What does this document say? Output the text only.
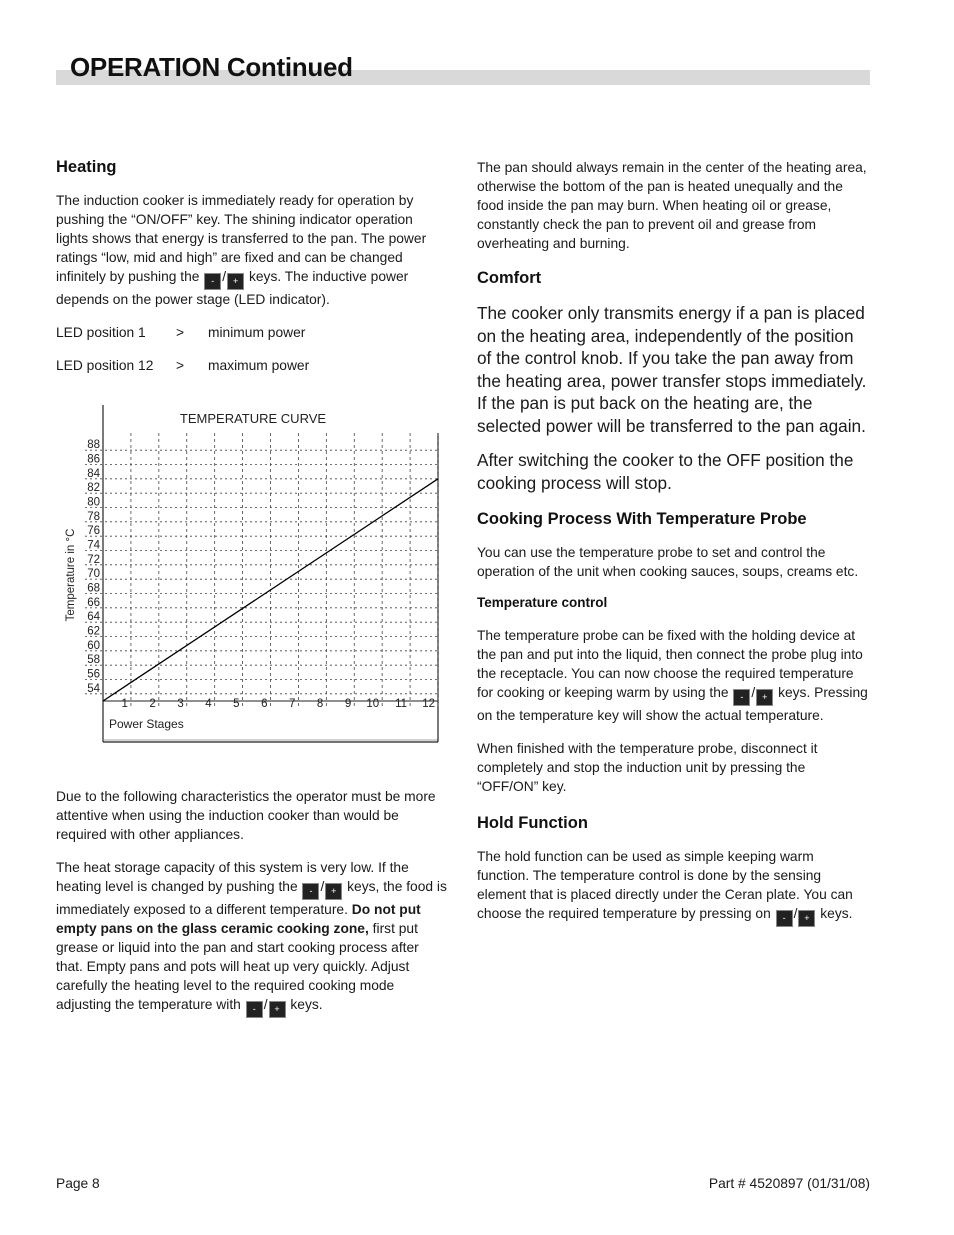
OPERATION Continued
Heating

The induction cooker is immediately ready for operation by pushing the “ON/OFF” key. The shining indicator operation lights shows that energy is transferred to the pan. The power ratings “low, mid and high” are fixed and can be changed infinitely by pushing the - / + keys. The inductive power depends on the power stage (LED indicator).

LED position 1	>	minimum power
LED position 12	>	maximum power
54
56
58
60
62
64
66
68
70
72
74
76
78
80
82
84
86
88
1 2 3 4 5 6 7 8 9 10 11 12
TEMPERATURE CURVE
Power Stages
Temperature in °C

Due to the following characteristics the operator must be more attentive when using the induction cooker than would be required with other appliances.

The heat storage capacity of this system is very low. If the heating level is changed by pushing the - / + keys, the food is immediately exposed to a different temperature. Do not put empty pans on the glass ceramic cooking zone, first put grease or liquid into the pan and start cooking process after that. Empty pans and pots will heat up very quickly. Adjust carefully the heating level to the required cooking mode adjusting the temperature with - / + keys.

The pan should always remain in the center of the heating area, otherwise the bottom of the pan is heated unequally and the food inside the pan may burn. When heating oil or grease, constantly check the pan to prevent oil and grease from overheating and burning.

Comfort

The cooker only transmits energy if a pan is placed on the heating area, independently of the position of the control knob. If you take the pan away from the heating area, power transfer stops immediately. If the pan is put back on the heating are, the selected power will be transferred to the pan again.

After switching the cooker to the OFF position the cooking process will stop.

Cooking Process With Temperature Probe

You can use the temperature probe to set and control the operation of the unit when cooking sauces, soups, creams etc.

Temperature control

The temperature probe can be fixed with the holding device at the pan and put into the liquid, then connect the probe plug into the receptacle. You can now choose the required temperature for cooking or keeping warm by using the - / + keys. Pressing on the temperature key will show the actual temperature.

When finished with the temperature probe, disconnect it completely and stop the induction unit by pressing the “OFF/ON” key.

Hold Function

The hold function can be used as simple keeping warm function. The temperature control is done by the sensing element that is placed directly under the Ceran plate. You can choose the required temperature by pressing on - / + keys.

Page 8	Part # 4520897 (01/31/08)
